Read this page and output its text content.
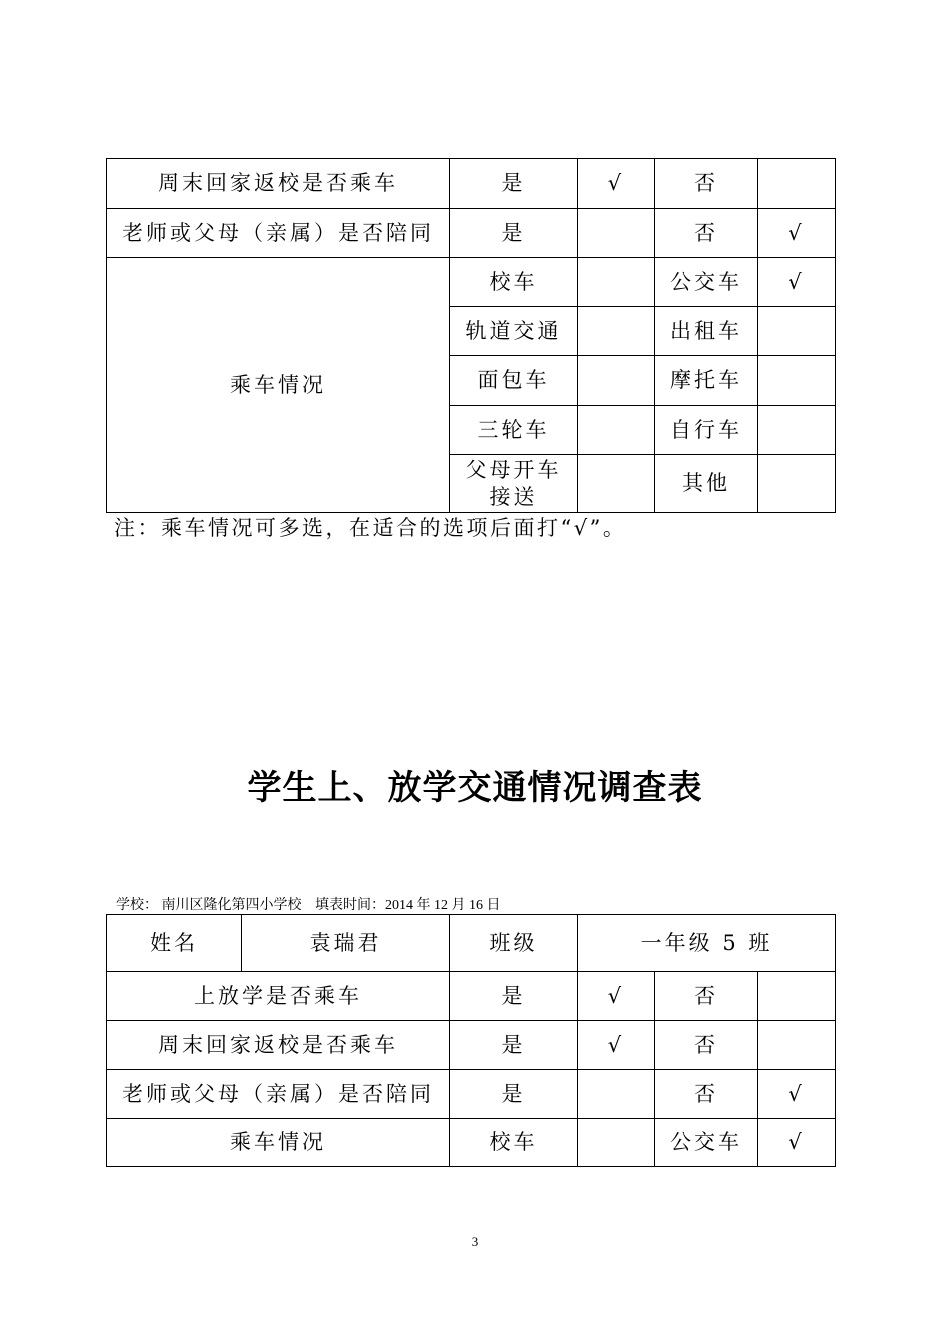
周末回家返校是否乘车	是	√	否	
老师或父母（亲属）是否陪同	是		否	√
乘车情况	校车		公交车	√
	轨道交通		出租车	
	面包车		摩托车	
	三轮车		自行车	
	父母开车接送		其他	
注：乘车情况可多选，在适合的选项后面打“√”。
学生上、放学交通情况调查表
学校： 南川区隆化第四小学校 填表时间：2014 年 12 月 16 日
姓名	袁瑞君	班级	一年级 5 班		
上放学是否乘车		是	√	否	
周末回家返校是否乘车		是	√	否	
老师或父母（亲属）是否陪同		是		否	√
乘车情况		校车		公交车	√
3
